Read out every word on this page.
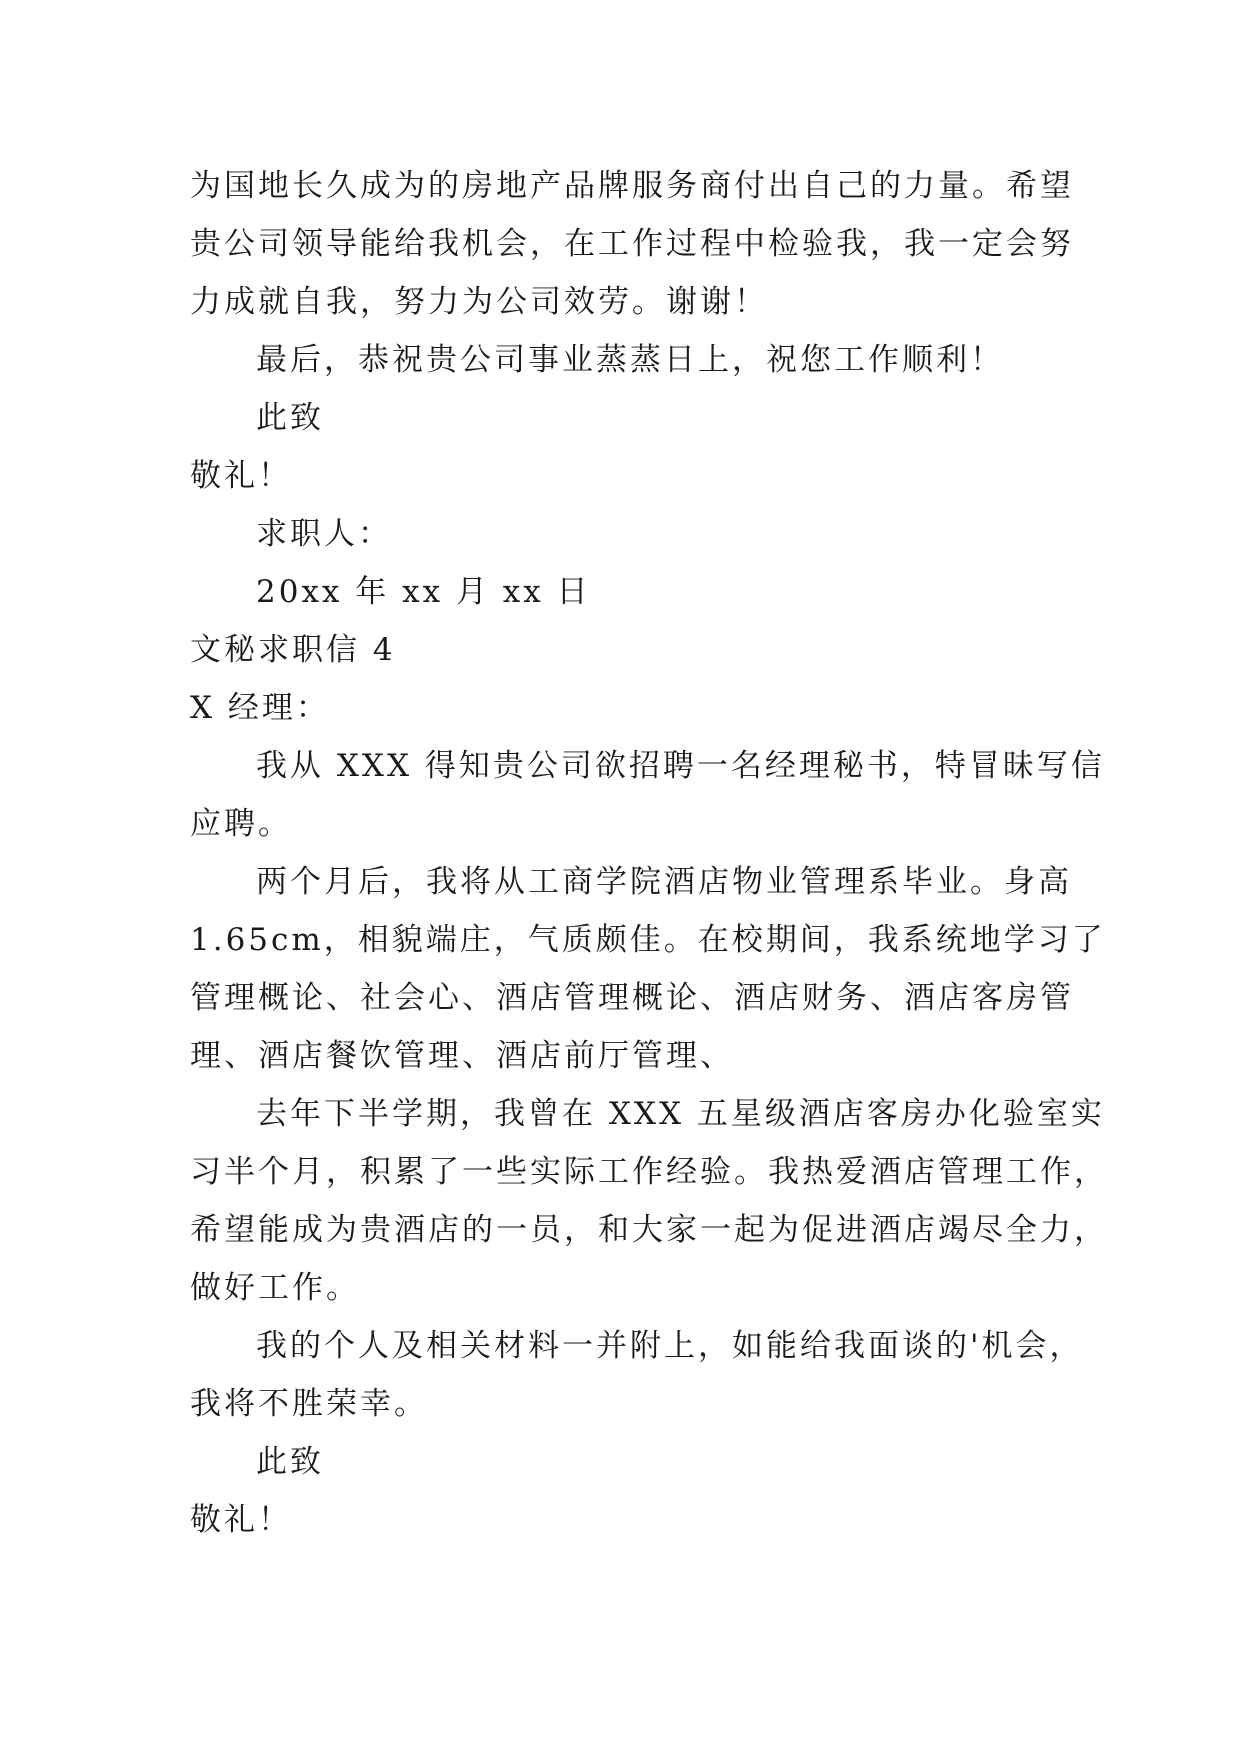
为国地长久成为的房地产品牌服务商付出自己的力量。希望
贵公司领导能给我机会，在工作过程中检验我，我一定会努
力成就自我，努力为公司效劳。谢谢！
最后，恭祝贵公司事业蒸蒸日上，祝您工作顺利！
此致
敬礼！
求职人：
20xx 年 xx 月 xx 日
文秘求职信 4
X 经理：
我从 XXX 得知贵公司欲招聘一名经理秘书，特冒昧写信
应聘。
两个月后，我将从工商学院酒店物业管理系毕业。身高
1.65cm，相貌端庄，气质颇佳。在校期间，我系统地学习了
管理概论、社会心、酒店管理概论、酒店财务、酒店客房管
理、酒店餐饮管理、酒店前厅管理、
去年下半学期，我曾在 XXX 五星级酒店客房办化验室实
习半个月，积累了一些实际工作经验。我热爱酒店管理工作，
希望能成为贵酒店的一员，和大家一起为促进酒店竭尽全力，
做好工作。
我的个人及相关材料一并附上，如能给我面谈的'机会，
我将不胜荣幸。
此致
敬礼！
